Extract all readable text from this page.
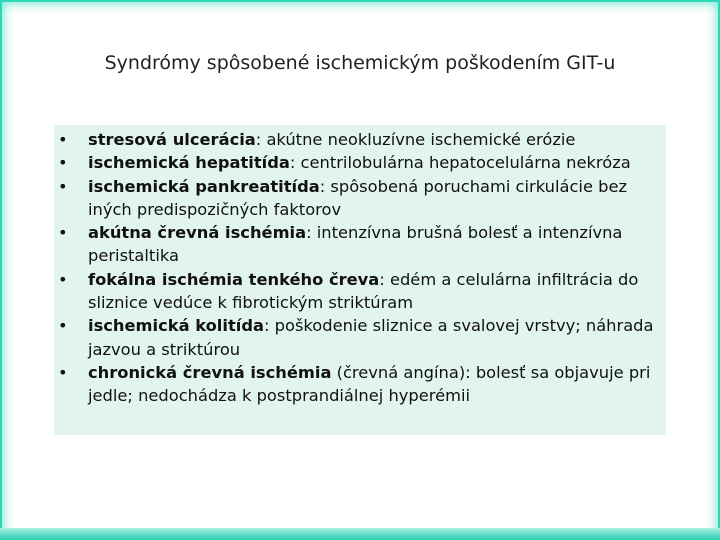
Syndrómy spôsobené ischemickým poškodením GIT-u
• stresová ulcerácia: akútne neokluzívne ischemické erózie
• ischemická hepatitída: centrilobulárna hepatocelulárna nekróza
• ischemická pankreatitída: spôsobená poruchami cirkulácie bez iných predispozičných faktorov
• akútna črevná ischémia: intenzívna brušná bolesť a intenzívna peristaltika
• fokálna ischémia tenkého čreva: edém a celulárna infiltrácia do sliznice vedúce k fibrotickým striktúram
• ischemická kolitída: poškodenie sliznice a svalovej vrstvy; náhrada jazvou a striktúrou
• chronická črevná ischémia (črevná angína): bolesť sa objavuje pri jedle; nedochádza k postprandiálnej hyperémii
